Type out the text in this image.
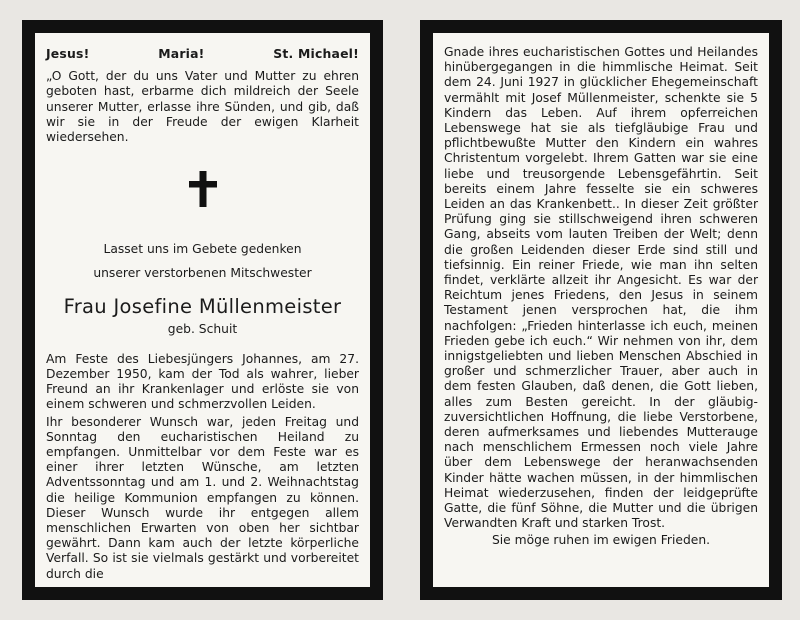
Jesus!	Maria!	St. Michael!

„O Gott, der du uns Vater und Mutter zu ehren geboten hast, erbarme dich mildreich der Seele unserer Mutter, erlasse ihre Sünden, und gib, daß wir sie in der Freude der ewigen Klarheit wiedersehen.

Lasset uns im Gebete gedenken

unserer verstorbenen Mitschwester

Frau Josefine Müllenmeister
geb. Schuit

Am Feste des Liebesjüngers Johannes, am 27. Dezember 1950, kam der Tod als wahrer, lieber Freund an ihr Krankenlager und erlöste sie von einem schweren und schmerzvollen Leiden.

Ihr besonderer Wunsch war, jeden Freitag und Sonntag den eucharistischen Heiland zu empfangen. Unmittelbar vor dem Feste war es einer ihrer letzten Wünsche, am letzten Adventssonntag und am 1. und 2. Weihnachtstag die heilige Kommunion empfangen zu können. Dieser Wunsch wurde ihr entgegen allem menschlichen Erwarten von oben her sichtbar gewährt. Dann kam auch der letzte körperliche Verfall. So ist sie vielmals gestärkt und vorbereitet durch die

Gnade ihres eucharistischen Gottes und Heilandes hinübergegangen in die himmlische Heimat. Seit dem 24. Juni 1927 in glücklicher Ehegemeinschaft vermählt mit Josef Müllenmeister, schenkte sie 5 Kindern das Leben. Auf ihrem opferreichen Lebenswege hat sie als tiefgläubige Frau und pflichtbewußte Mutter den Kindern ein wahres Christentum vorgelebt. Ihrem Gatten war sie eine liebe und treusorgende Lebensgefährtin. Seit bereits einem Jahre fesselte sie ein schweres Leiden an das Krankenbett.. In dieser Zeit größter Prüfung ging sie stillschweigend ihren schweren Gang, abseits vom lauten Treiben der Welt; denn die großen Leidenden dieser Erde sind still und tiefsinnig. Ein reiner Friede, wie man ihn selten findet, verklärte allzeit ihr Angesicht. Es war der Reichtum jenes Friedens, den Jesus in seinem Testament jenen versprochen hat, die ihm nachfolgen: „Frieden hinterlasse ich euch, meinen Frieden gebe ich euch.“ Wir nehmen von ihr, dem innigstgeliebten und lieben Menschen Abschied in großer und schmerzlicher Trauer, aber auch in dem festen Glauben, daß denen, die Gott lieben, alles zum Besten gereicht. In der gläubig-zuversichtlichen Hoffnung, die liebe Verstorbene, deren aufmerksames und liebendes Mutterauge nach menschlichem Ermessen noch viele Jahre über dem Lebenswege der heranwachsenden Kinder hätte wachen müssen, in der himmlischen Heimat wiederzusehen, finden der leidgeprüfte Gatte, die fünf Söhne, die Mutter und die übrigen Verwandten Kraft und starken Trost.

Sie möge ruhen im ewigen Frieden.
